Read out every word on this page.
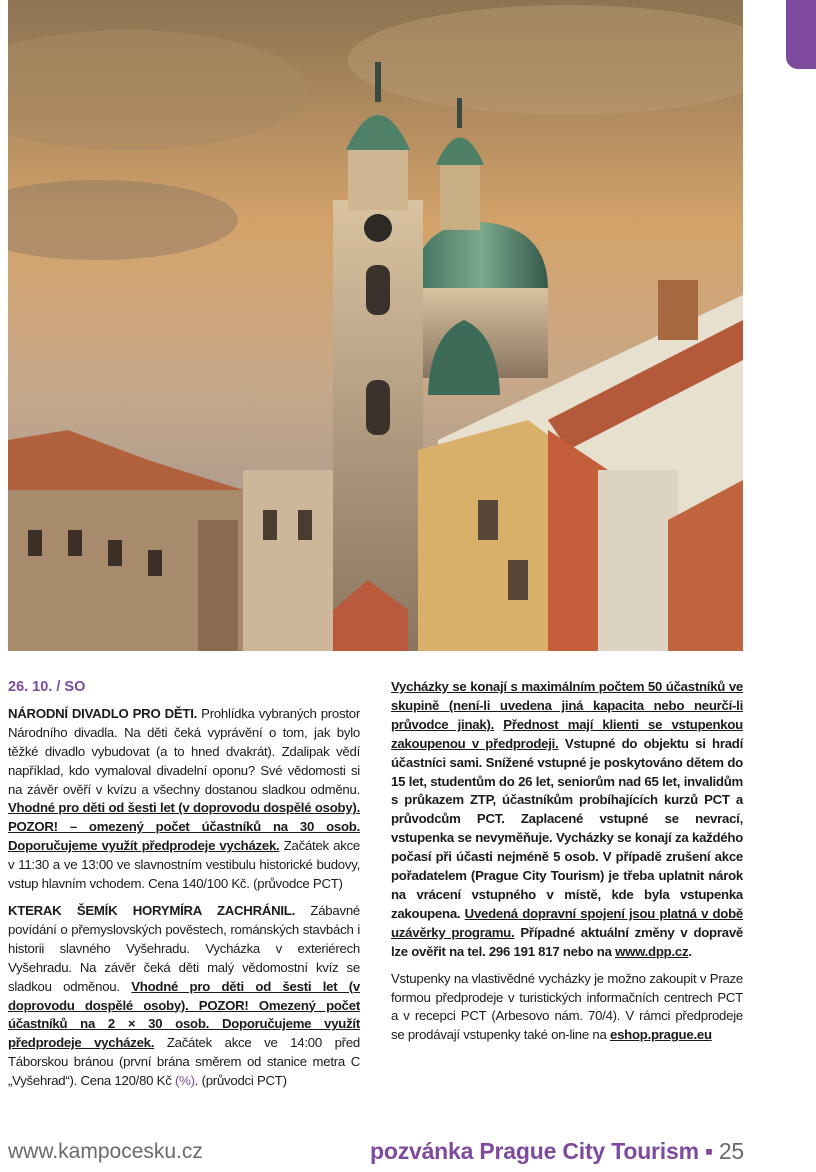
26. 10. / SO

NÁRODNÍ DIVADLO PRO DĚTI. Prohlídka vybraných prostor Národního divadla. Na děti čeká vyprávění o tom, jak bylo těžké divadlo vybudovat (a to hned dvakrát). Zdalipak vědí například, kdo vymaloval divadelní oponu? Své vědomosti si na závěr ověří v kvízu a všechny dostanou sladkou odměnu. Vhodné pro děti od šesti let (v doprovodu dospělé osoby). POZOR! – omezený počet účastníků na 30 osob. Doporučujeme využít předprodeje vycházek. Začátek akce v 11:30 a ve 13:00 ve slavnostním vestibulu historické budovy, vstup hlavním vchodem. Cena 140/100 Kč. (průvodce PCT)

KTERAK ŠEMÍK HORYMÍRA ZACHRÁNIL. Zábavné povídání o přemyslovských pověstech, románských stavbách i historii slavného Vyšehradu. Vycházka v exteriérech Vyšehradu. Na závěr čeká děti malý vědomostní kvíz se sladkou odměnou. Vhodné pro děti od šesti let (v doprovodu dospělé osoby). POZOR! Omezený počet účastníků na 2 × 30 osob. Doporučujeme využít předprodeje vycházek. Začátek akce ve 14:00 před Táborskou bránou (první brána směrem od stanice metra C „Vyšehrad“). Cena 120/80 Kč (%). (průvodci PCT)

Vycházky se konají s maximálním počtem 50 účastníků ve skupině (není-li uvedena jiná kapacita nebo neurčí-li průvodce jinak). Přednost mají klienti se vstupenkou zakoupenou v předprodeji. Vstupné do objektu si hradí účastníci sami. Snížené vstupné je poskytováno dětem do 15 let, studentům do 26 let, seniorům nad 65 let, invalidům s průkazem ZTP, účastníkům probíhajících kurzů PCT a průvodcům PCT. Zaplacené vstupné se nevrací, vstupenka se nevyměňuje. Vycházky se konají za každého počasí při účasti nejméně 5 osob. V případě zrušení akce pořadatelem (Prague City Tourism) je třeba uplatnit nárok na vrácení vstupného v místě, kde byla vstupenka zakoupena. Uvedená dopravní spojení jsou platná v době uzávěrky programu. Případné aktuální změny v dopravě lze ověřit na tel. 296 191 817 nebo na www.dpp.cz.

Vstupenky na vlastivědné vycházky je možno zakoupit v Praze formou předprodeje v turistických informačních centrech PCT a v recepci PCT (Arbesovo nám. 70/4). V rámci předprodeje se prodávají vstupenky také on-line na eshop.prague.eu

www.kampocesku.cz	pozvánka Prague City Tourism ▪ 25
